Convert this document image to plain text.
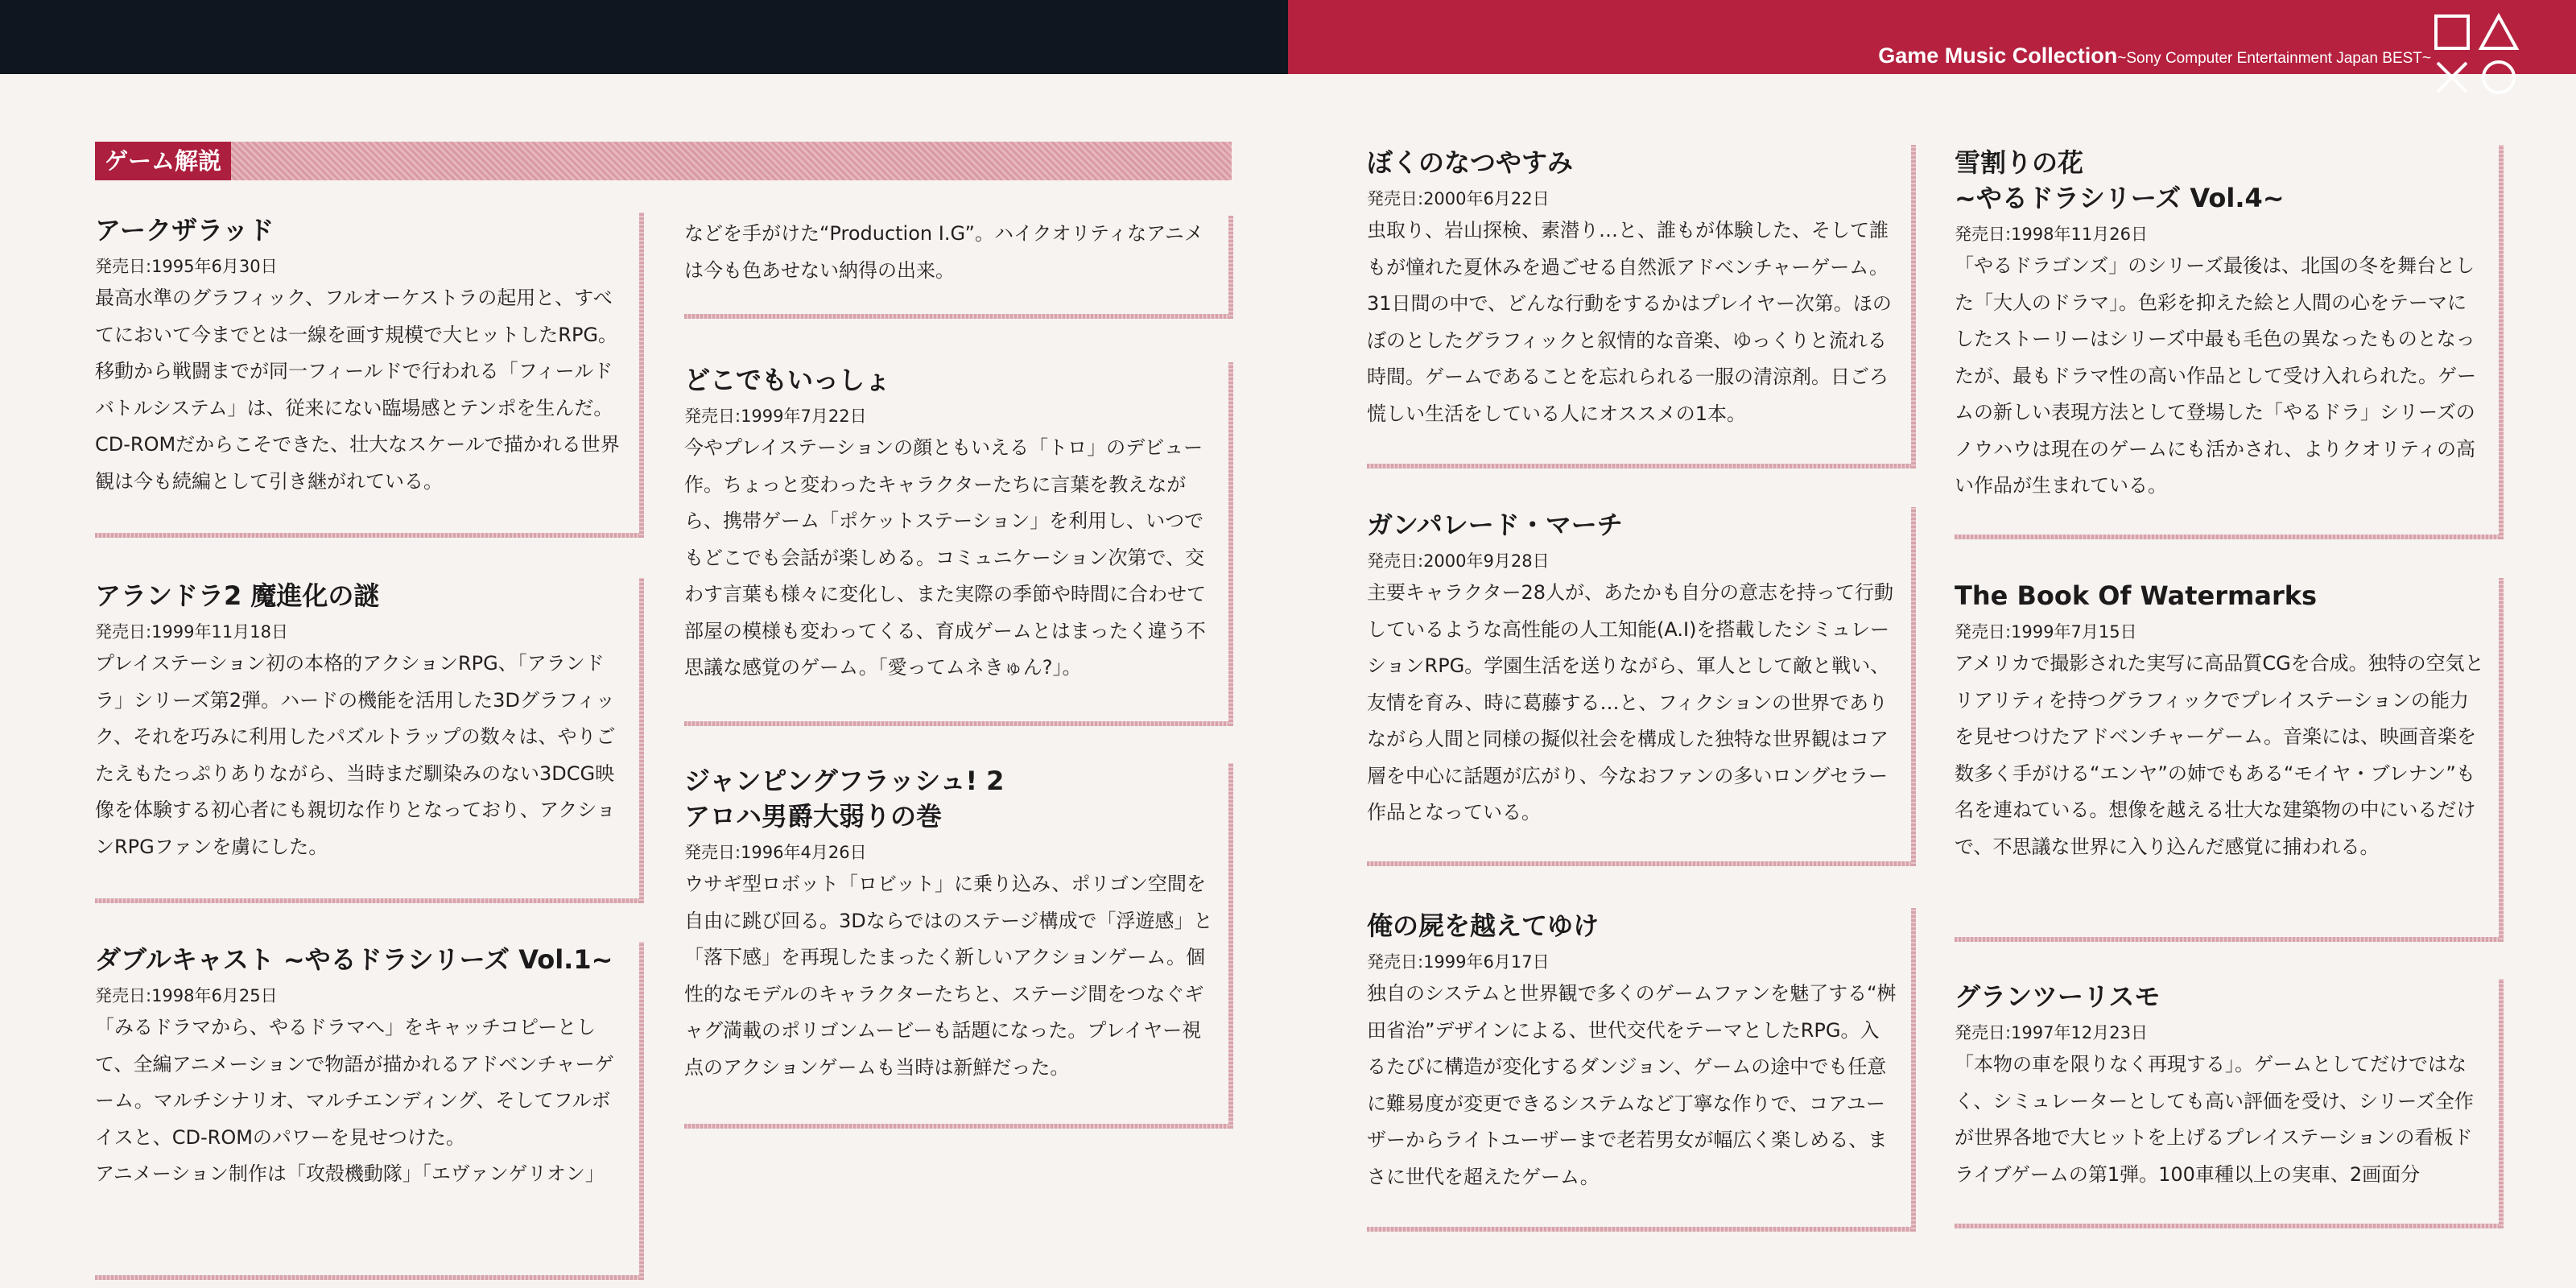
Game Music Collection~Sony Computer Entertainment Japan BEST~
ゲーム解説
アークザラッド
発売日:1995年6月30日

最高水準のグラフィック、フルオーケストラの起用と、すべてにおいて今までとは一線を画す規模で大ヒットしたRPG。移動から戦闘までが同一フィールドで行われる「フィールドバトルシステム」は、従来にない臨場感とテンポを生んだ。CD-ROMだからこそできた、壮大なスケールで描かれる世界観は今も続編として引き継がれている。

アランドラ2 魔進化の謎
発売日:1999年11月18日

プレイステーション初の本格的アクションRPG、「アランドラ」シリーズ第2弾。ハードの機能を活用した3Dグラフィック、それを巧みに利用したパズルトラップの数々は、やりごたえもたっぷりありながら、当時まだ馴染みのない3DCG映像を体験する初心者にも親切な作りとなっており、アクションRPGファンを虜にした。

ダブルキャスト ~やるドラシリーズ Vol.1~
発売日:1998年6月25日

「みるドラマから、やるドラマへ」をキャッチコピーとして、全編アニメーションで物語が描かれるアドベンチャーゲーム。マルチシナリオ、マルチエンディング、そしてフルボイスと、CD-ROMのパワーを見せつけた。

アニメーション制作は「攻殻機動隊」「エヴァンゲリオン」

などを手がけた“Production I.G”。ハイクオリティなアニメは今も色あせない納得の出来。

どこでもいっしょ
発売日:1999年7月22日

今やプレイステーションの顔ともいえる「トロ」のデビュー作。ちょっと変わったキャラクターたちに言葉を教えながら、携帯ゲーム「ポケットステーション」を利用し、いつでもどこでも会話が楽しめる。コミュニケーション次第で、交わす言葉も様々に変化し、また実際の季節や時間に合わせて部屋の模様も変わってくる、育成ゲームとはまったく違う不思議な感覚のゲーム。「愛ってムネきゅん?」。

ジャンピングフラッシュ! 2
アロハ男爵大弱りの巻
発売日:1996年4月26日

ウサギ型ロボット「ロビット」に乗り込み、ポリゴン空間を自由に跳び回る。3Dならではのステージ構成で「浮遊感」と「落下感」を再現したまったく新しいアクションゲーム。個性的なモデルのキャラクターたちと、ステージ間をつなぐギャグ満載のポリゴンムービーも話題になった。プレイヤー視点のアクションゲームも当時は新鮮だった。

ぼくのなつやすみ
発売日:2000年6月22日

虫取り、岩山探検、素潜り…と、誰もが体験した、そして誰もが憧れた夏休みを過ごせる自然派アドベンチャーゲーム。31日間の中で、どんな行動をするかはプレイヤー次第。ほのぼのとしたグラフィックと叙情的な音楽、ゆっくりと流れる時間。ゲームであることを忘れられる一服の清涼剤。日ごろ慌しい生活をしている人にオススメの1本。

ガンパレード・マーチ
発売日:2000年9月28日

主要キャラクター28人が、あたかも自分の意志を持って行動しているような高性能の人工知能(A.I)を搭載したシミュレーションRPG。学園生活を送りながら、軍人として敵と戦い、友情を育み、時に葛藤する…と、フィクションの世界でありながら人間と同様の擬似社会を構成した独特な世界観はコア層を中心に話題が広がり、今なおファンの多いロングセラー作品となっている。

俺の屍を越えてゆけ
発売日:1999年6月17日

独自のシステムと世界観で多くのゲームファンを魅了する“桝田省治”デザインによる、世代交代をテーマとしたRPG。入るたびに構造が変化するダンジョン、ゲームの途中でも任意に難易度が変更できるシステムなど丁寧な作りで、コアユーザーからライトユーザーまで老若男女が幅広く楽しめる、まさに世代を超えたゲーム。

雪割りの花
~やるドラシリーズ Vol.4~
発売日:1998年11月26日

「やるドラゴンズ」のシリーズ最後は、北国の冬を舞台とした「大人のドラマ」。色彩を抑えた絵と人間の心をテーマにしたストーリーはシリーズ中最も毛色の異なったものとなったが、最もドラマ性の高い作品として受け入れられた。ゲームの新しい表現方法として登場した「やるドラ」シリーズのノウハウは現在のゲームにも活かされ、よりクオリティの高い作品が生まれている。

The Book Of Watermarks
発売日:1999年7月15日

アメリカで撮影された実写に高品質CGを合成。独特の空気とリアリティを持つグラフィックでプレイステーションの能力を見せつけたアドベンチャーゲーム。音楽には、映画音楽を数多く手がける“エンヤ”の姉でもある“モイヤ・ブレナン”も名を連ねている。想像を越える壮大な建築物の中にいるだけで、不思議な世界に入り込んだ感覚に捕われる。

グランツーリスモ
発売日:1997年12月23日

「本物の車を限りなく再現する」。ゲームとしてだけではなく、シミュレーターとしても高い評価を受け、シリーズ全作が世界各地で大ヒットを上げるプレイステーションの看板ドライブゲームの第1弾。100車種以上の実車、2画面分
